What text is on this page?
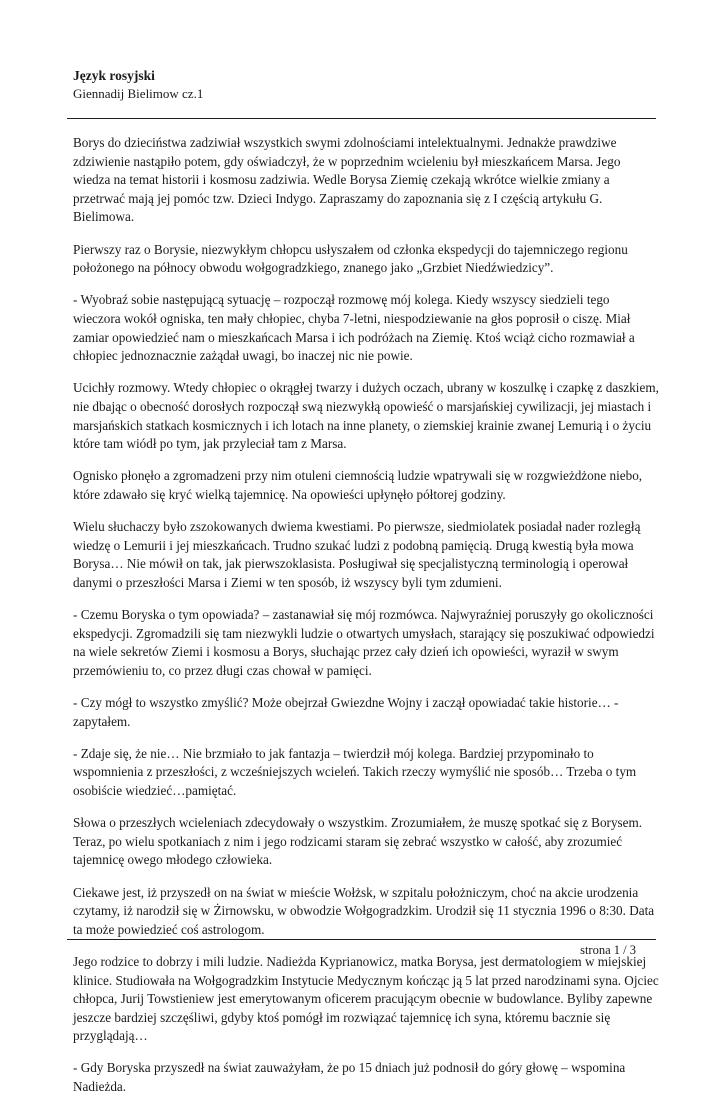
Język rosyjski
Giennadij Bielimow cz.1

Borys do dzieciństwa zadziwiał wszystkich swymi zdolnościami intelektualnymi. Jednakże prawdziwe zdziwienie nastąpiło potem, gdy oświadczył, że w poprzednim wcieleniu był mieszkańcem Marsa. Jego wiedza na temat historii i kosmosu zadziwia. Wedle Borysa Ziemię czekają wkrótce wielkie zmiany a przetrwać mają jej pomóc tzw. Dzieci Indygo. Zapraszamy do zapoznania się z I częścią artykułu G. Bielimowa.

Pierwszy raz o Borysie, niezwykłym chłopcu usłyszałem od członka ekspedycji do tajemniczego regionu położonego na północy obwodu wołgogradzkiego, znanego jako „Grzbiet Niedźwiedzicy”.

- Wyobraź sobie następującą sytuację – rozpoczął rozmowę mój kolega. Kiedy wszyscy siedzieli tego wieczora wokół ogniska, ten mały chłopiec, chyba 7-letni, niespodziewanie na głos poprosił o ciszę. Miał zamiar opowiedzieć nam o mieszkańcach Marsa i ich podróżach na Ziemię. Ktoś wciąż cicho rozmawiał a chłopiec jednoznacznie zażądał uwagi, bo inaczej nic nie powie.

Ucichły rozmowy. Wtedy chłopiec o okrągłej twarzy i dużych oczach, ubrany w koszulkę i czapkę z daszkiem, nie dbając o obecność dorosłych rozpoczął swą niezwykłą opowieść o marsjańskiej cywilizacji, jej miastach i marsjańskich statkach kosmicznych i ich lotach na inne planety, o ziemskiej krainie zwanej Lemurią i o życiu które tam wiódł po tym, jak przyleciał tam z Marsa.

Ognisko płonęło a zgromadzeni przy nim otuleni ciemnością ludzie wpatrywali się w rozgwieżdżone niebo, które zdawało się kryć wielką tajemnicę. Na opowieści upłynęło półtorej godziny.

Wielu słuchaczy było zszokowanych dwiema kwestiami. Po pierwsze, siedmiolatek posiadał nader rozległą wiedzę o Lemurii i jej mieszkańcach. Trudno szukać ludzi z podobną pamięcią. Drugą kwestią była mowa Borysa… Nie mówił on tak, jak pierwszoklasista. Posługiwał się specjalistyczną terminologią i operował danymi o przeszłości Marsa i Ziemi w ten sposób, iż wszyscy byli tym zdumieni.

- Czemu Boryska o tym opowiada? – zastanawiał się mój rozmówca. Najwyraźniej poruszyły go okoliczności ekspedycji. Zgromadzili się tam niezwykli ludzie o otwartych umysłach, starający się poszukiwać odpowiedzi na wiele sekretów Ziemi i kosmosu a Borys, słuchając przez cały dzień ich opowieści, wyraził w swym przemówieniu to, co przez długi czas chował w pamięci.

- Czy mógł to wszystko zmyślić? Może obejrzał Gwiezdne Wojny i zaczął opowiadać takie historie… - zapytałem.

- Zdaje się, że nie… Nie brzmiało to jak fantazja – twierdził mój kolega. Bardziej przypominało to wspomnienia z przeszłości, z wcześniejszych wcieleń. Takich rzeczy wymyślić nie sposób… Trzeba o tym osobiście wiedzieć…pamiętać.

Słowa o przeszłych wcieleniach zdecydowały o wszystkim. Zrozumiałem, że muszę spotkać się z Borysem. Teraz, po wielu spotkaniach z nim i jego rodzicami staram się zebrać wszystko w całość, aby zrozumieć tajemnicę owego młodego człowieka.

Ciekawe jest, iż przyszedł on na świat w mieście Wołżsk, w szpitalu położniczym, choć na akcie urodzenia czytamy, iż narodził się w Żirnowsku, w obwodzie Wołgogradzkim. Urodził się 11 stycznia 1996 o 8:30. Data ta może powiedzieć coś astrologom.

Jego rodzice to dobrzy i mili ludzie. Nadieżda Kyprianowicz, matka Borysa, jest dermatologiem w miejskiej klinice. Studiowała na Wołgogradzkim Instytucie Medycznym kończąc ją 5 lat przed narodzinami syna. Ojciec chłopca, Jurij Towstieniew jest emerytowanym oficerem pracującym obecnie w budowlance. Byliby zapewne jeszcze bardziej szczęśliwi, gdyby ktoś pomógł im rozwiązać tajemnicę ich syna, któremu bacznie się przyglądają…

- Gdy Boryska przyszedł na świat zauważyłam, że po 15 dniach już podnosił do góry głowę – wspomina Nadieżda.

strona 1 / 3
